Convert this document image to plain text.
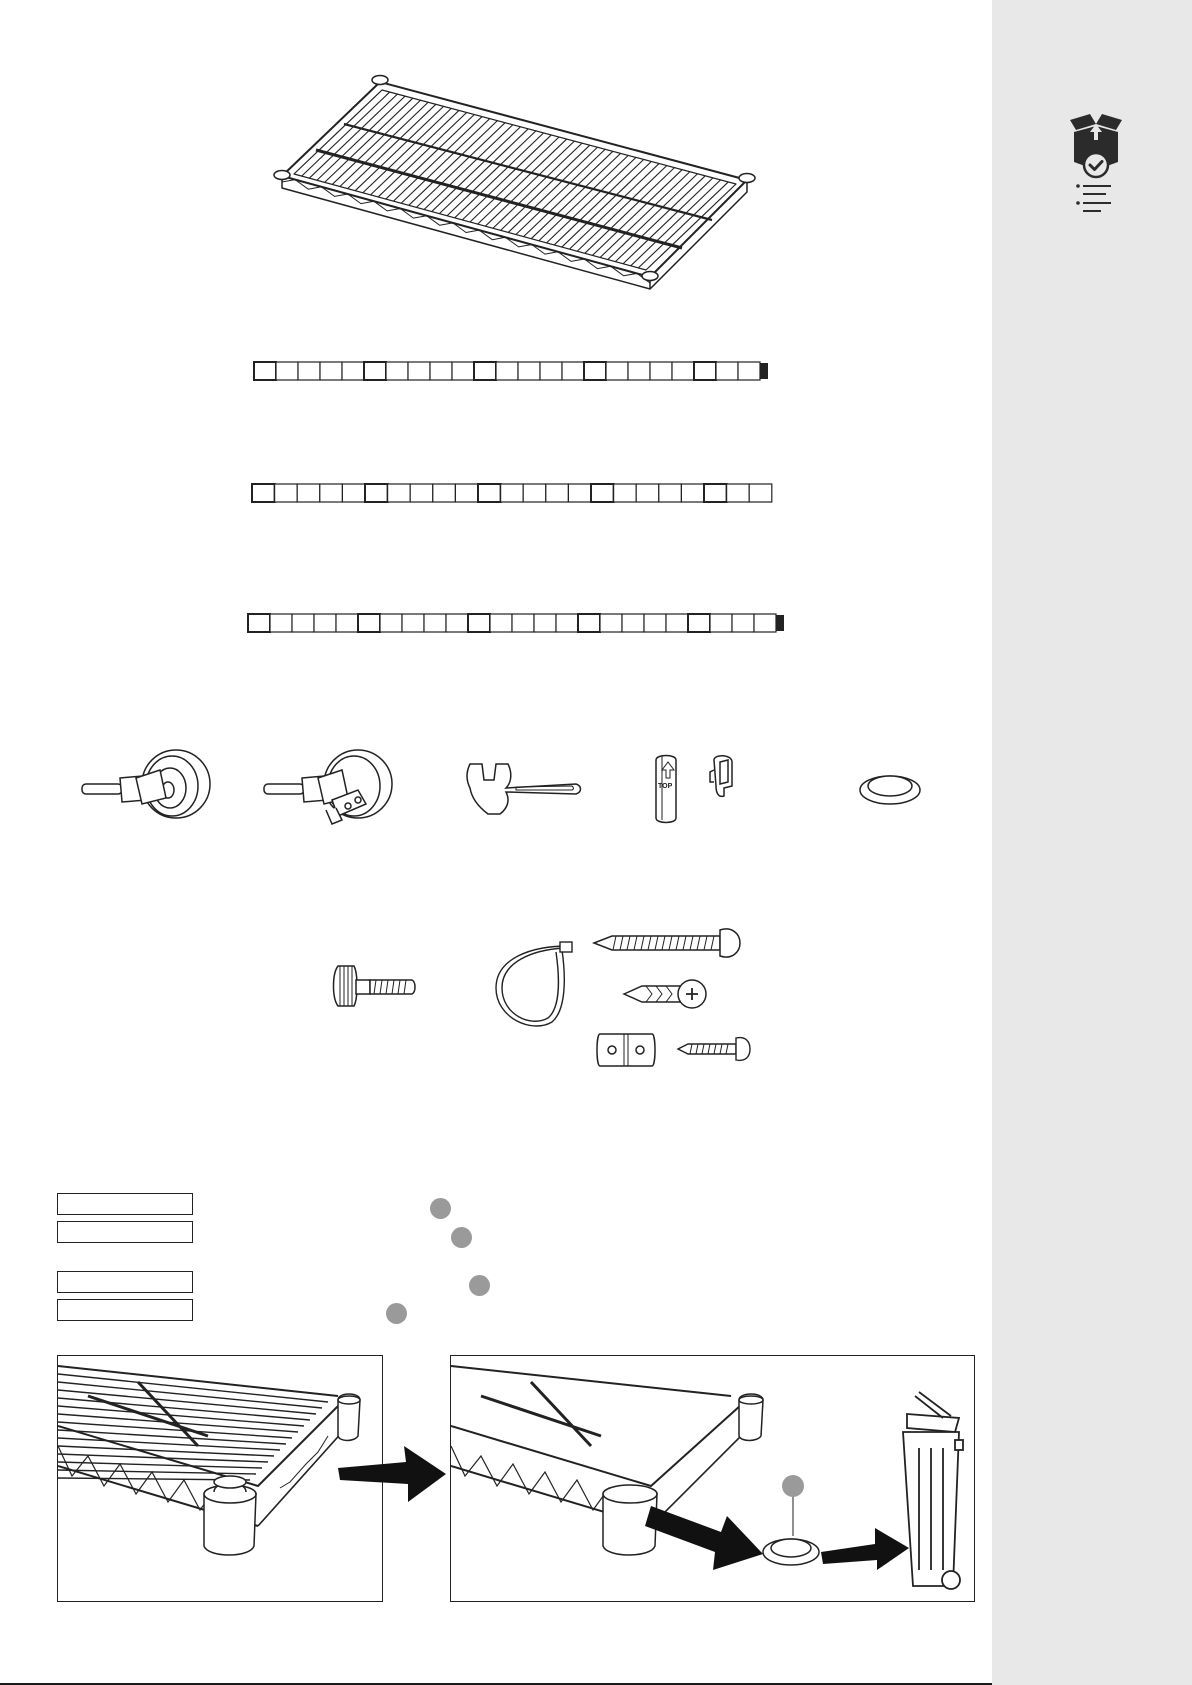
TOP
